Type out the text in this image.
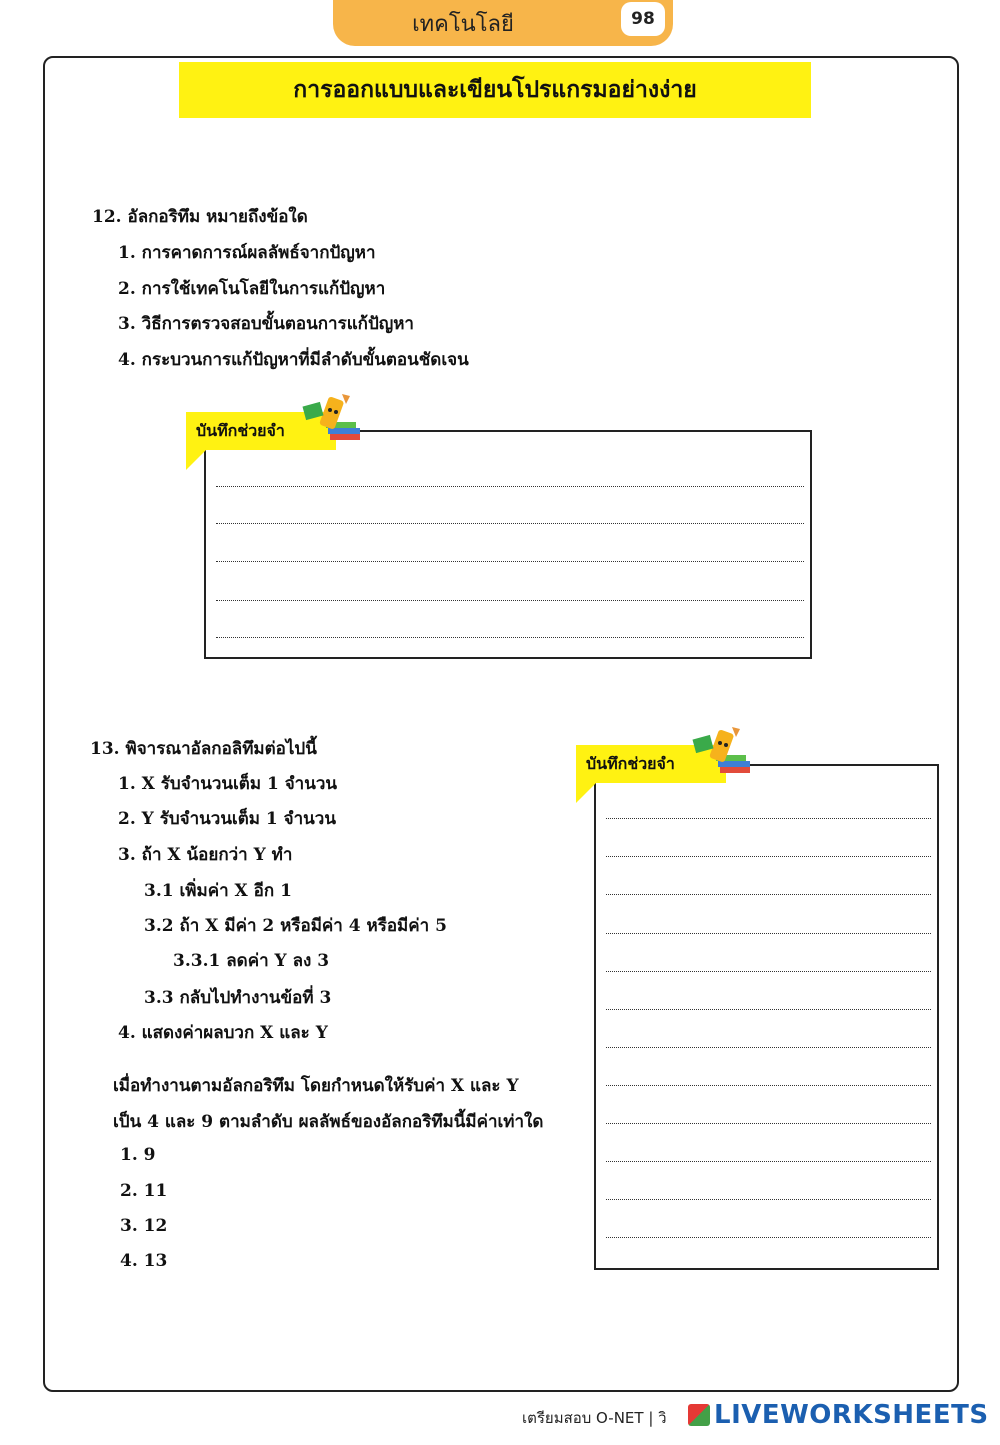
เทคโนโลยี	98
การออกแบบและเขียนโปรแกรมอย่างง่าย
12. อัลกอริทึม หมายถึงข้อใด
1. การคาดการณ์ผลลัพธ์จากปัญหา
2. การใช้เทคโนโลยีในการแก้ปัญหา
3. วิธีการตรวจสอบขั้นตอนการแก้ปัญหา
4. กระบวนการแก้ปัญหาที่มีลำดับขั้นตอนชัดเจน
บันทึกช่วยจำ
13. พิจารณาอัลกอลิทึมต่อไปนี้
1. X รับจำนวนเต็ม 1 จำนวน
2. Y รับจำนวนเต็ม 1 จำนวน
3. ถ้า X น้อยกว่า Y ทำ
3.1 เพิ่มค่า X อีก 1
3.2 ถ้า X มีค่า 2 หรือมีค่า 4 หรือมีค่า 5
3.3.1 ลดค่า Y ลง 3
3.3 กลับไปทำงานข้อที่ 3
4. แสดงค่าผลบวก X และ Y
เมื่อทำงานตามอัลกอริทึม โดยกำหนดให้รับค่า X และ Y
เป็น 4 และ 9 ตามลำดับ ผลลัพธ์ของอัลกอริทึมนี้มีค่าเท่าใด
1. 9
2. 11
3. 12
4. 13
บันทึกช่วยจำ
เตรียมสอบ O-NET | วิ	LIVEWORKSHEETS
